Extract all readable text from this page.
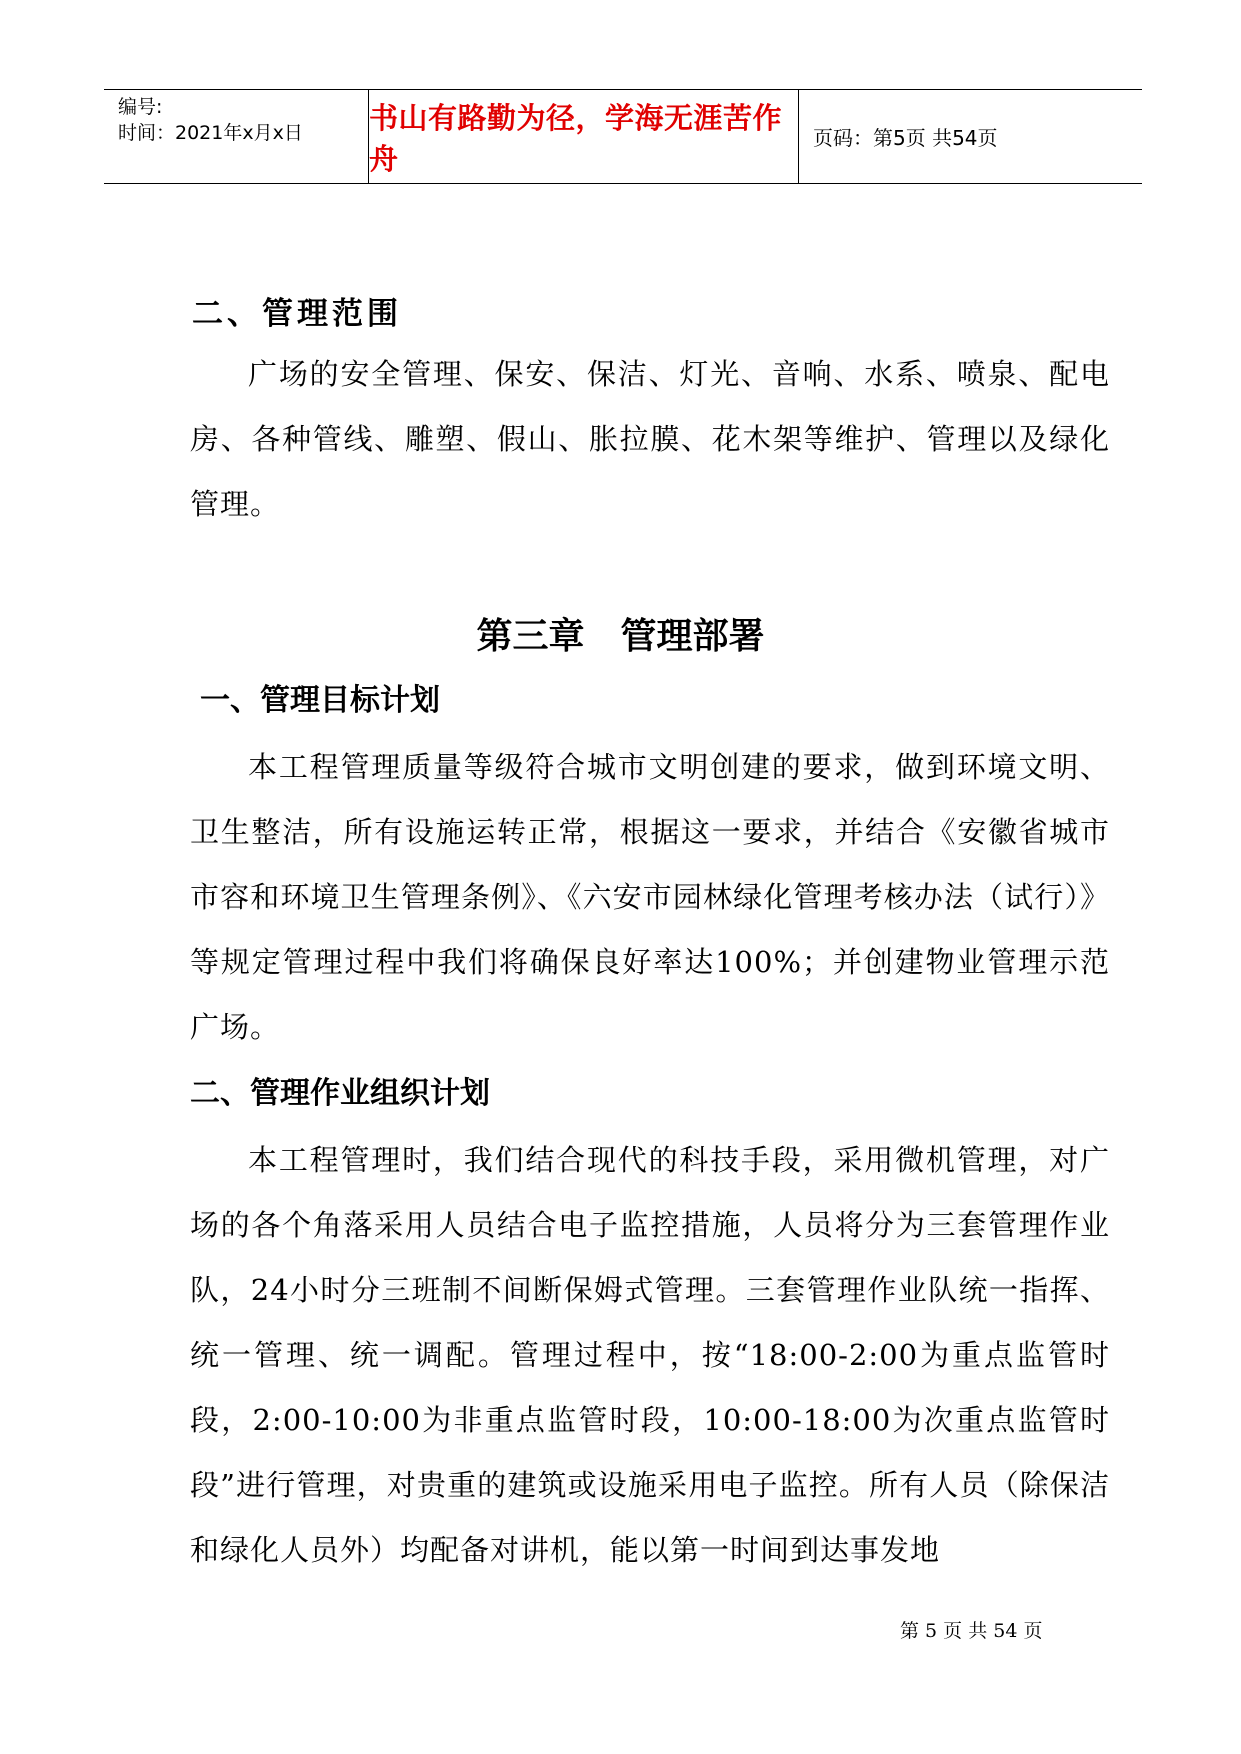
编号:
时间：2021年x月x日 书山有路勤为径，学海无涯苦作舟
页码：第5页 共54页
二、管理范围
广场的安全管理、保安、保洁、灯光、音响、水系、喷泉、配电房、各种管线、雕塑、假山、胀拉膜、花木架等维护、管理以及绿化管理。
第三章　管理部署
一、管理目标计划
本工程管理质量等级符合城市文明创建的要求，做到环境文明、卫生整洁，所有设施运转正常，根据这一要求，并结合《安徽省城市市容和环境卫生管理条例》、《六安市园林绿化管理考核办法（试行）》等规定管理过程中我们将确保良好率达100%；并创建物业管理示范广场。
二、管理作业组织计划
本工程管理时，我们结合现代的科技手段，采用微机管理，对广场的各个角落采用人员结合电子监控措施，人员将分为三套管理作业队，24小时分三班制不间断保姆式管理。三套管理作业队统一指挥、统一管理、统一调配。管理过程中，按“18:00-2:00为重点监管时段，2:00-10:00为非重点监管时段，10:00-18:00为次重点监管时段”进行管理，对贵重的建筑或设施采用电子监控。所有人员（除保洁和绿化人员外）均配备对讲机，能以第一时间到达事发地
第 5 页 共 54 页
